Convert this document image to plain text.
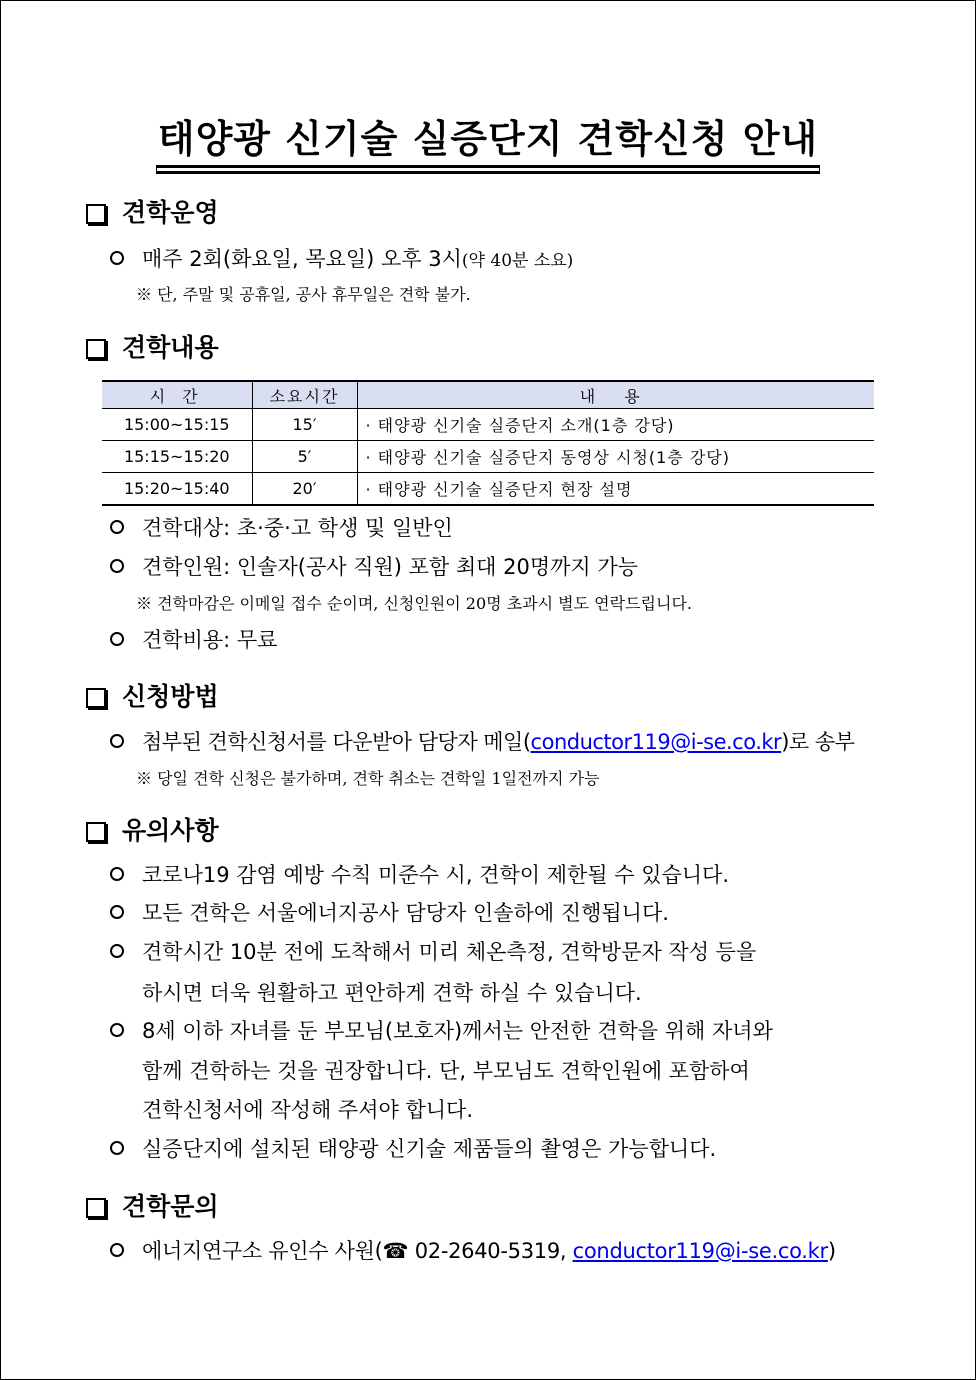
태양광 신기술 실증단지 견학신청 안내
견학운영
매주 2회(화요일, 목요일) 오후 3시(약 40분 소요)
※ 단, 주말 및 공휴일, 공사 휴무일은 견학 불가.
견학내용
시 간	소요시간	내 용
15:00~15:15	15′	· 태양광 신기술 실증단지 소개(1층 강당)
15:15~15:20	5′	· 태양광 신기술 실증단지 동영상 시청(1층 강당)
15:20~15:40	20′	· 태양광 신기술 실증단지 현장 설명
견학대상: 초·중·고 학생 및 일반인
견학인원: 인솔자(공사 직원) 포함 최대 20명까지 가능
※ 견학마감은 이메일 접수 순이며, 신청인원이 20명 초과시 별도 연락드립니다.
견학비용: 무료
신청방법
첨부된 견학신청서를 다운받아 담당자 메일(conductor119@i-se.co.kr)로 송부
※ 당일 견학 신청은 불가하며, 견학 취소는 견학일 1일전까지 가능
유의사항
코로나19 감염 예방 수칙 미준수 시, 견학이 제한될 수 있습니다.
모든 견학은 서울에너지공사 담당자 인솔하에 진행됩니다.
견학시간 10분 전에 도착해서 미리 체온측정, 견학방문자 작성 등을
하시면 더욱 원활하고 편안하게 견학 하실 수 있습니다.
8세 이하 자녀를 둔 부모님(보호자)께서는 안전한 견학을 위해 자녀와
함께 견학하는 것을 권장합니다. 단, 부모님도 견학인원에 포함하여
견학신청서에 작성해 주셔야 합니다.
실증단지에 설치된 태양광 신기술 제품들의 촬영은 가능합니다.
견학문의
에너지연구소 유인수 사원(☎ 02-2640-5319, conductor119@i-se.co.kr)
